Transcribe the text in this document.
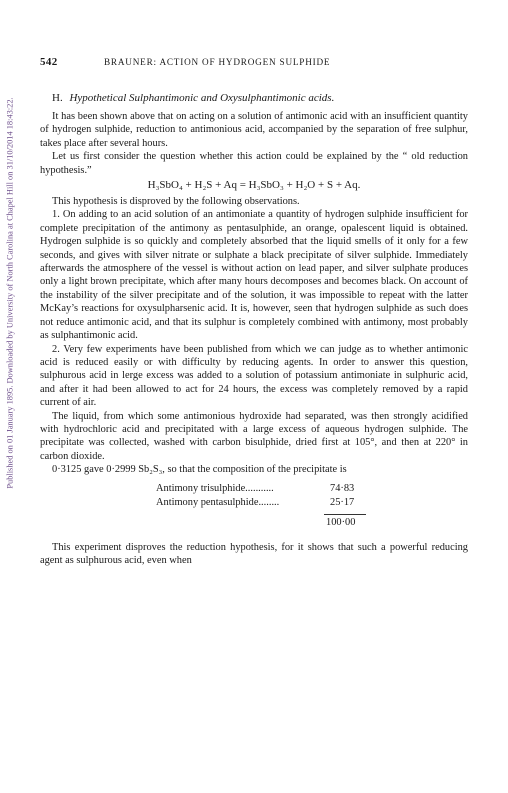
Published on 01 January 1895. Downloaded by University of North Carolina at Chapel Hill on 31/10/2014 18:43:22.
542	BRAUNER: ACTION OF HYDROGEN SULPHIDE
H. Hypothetical Sulphantimonic and Oxysulphantimonic acids.

It has been shown above that on acting on a solution of antimonic acid with an insufficient quantity of hydrogen sulphide, reduction to antimonious acid, accompanied by the separation of free sulphur, takes place after several hours.

Let us first consider the question whether this action could be explained by the “ old reduction hypothesis.”

H₃SbO₄ + H₂S + Aq = H₃SbO₃ + H₂O + S + Aq.

This hypothesis is disproved by the following observations.

1. On adding to an acid solution of an antimoniate a quantity of hydrogen sulphide insufficient for complete precipitation of the antimony as pentasulphide, an orange, opalescent liquid is obtained. Hydrogen sulphide is so quickly and completely absorbed that the liquid smells of it only for a few seconds, and gives with silver nitrate or sulphate a black precipitate of silver sulphide. Immediately afterwards the atmosphere of the vessel is without action on lead paper, and silver sulphate produces only a light brown precipitate, which after many hours decomposes and becomes black. On account of the instability of the silver precipitate and of the solution, it was impossible to repeat with the latter McKay’s reactions for oxysulpharsenic acid. It is, however, seen that hydrogen sulphide as such does not reduce antimonic acid, and that its sulphur is completely combined with antimony, most probably as sulphantimonic acid.

2. Very few experiments have been published from which we can judge as to whether antimonic acid is reduced easily or with difficulty by reducing agents. In order to answer this question, sulphurous acid in lerge excess was added to a solution of potassium antimoniate in sulphuric acid, and after it had been allowed to act for 24 hours, the excess was completely removed by a rapid current of air.

The liquid, from which some antimonious hydroxide had separated, was then strongly acidified with hydrochloric acid and precipitated with a large excess of aqueous hydrogen sulphide. The precipitate was collected, washed with carbon bisulphide, dried first at 105°, and then at 220° in carbon dioxide.

0·3125 gave 0·2999 Sb₂S₃, so that the composition of the precipitate is

Antimony trisulphide...........	74·83
Antimony pentasulphide........	25·17
100·00

This experiment disproves the reduction hypothesis, for it shows that such a powerful reducing agent as sulphurous acid, even when
